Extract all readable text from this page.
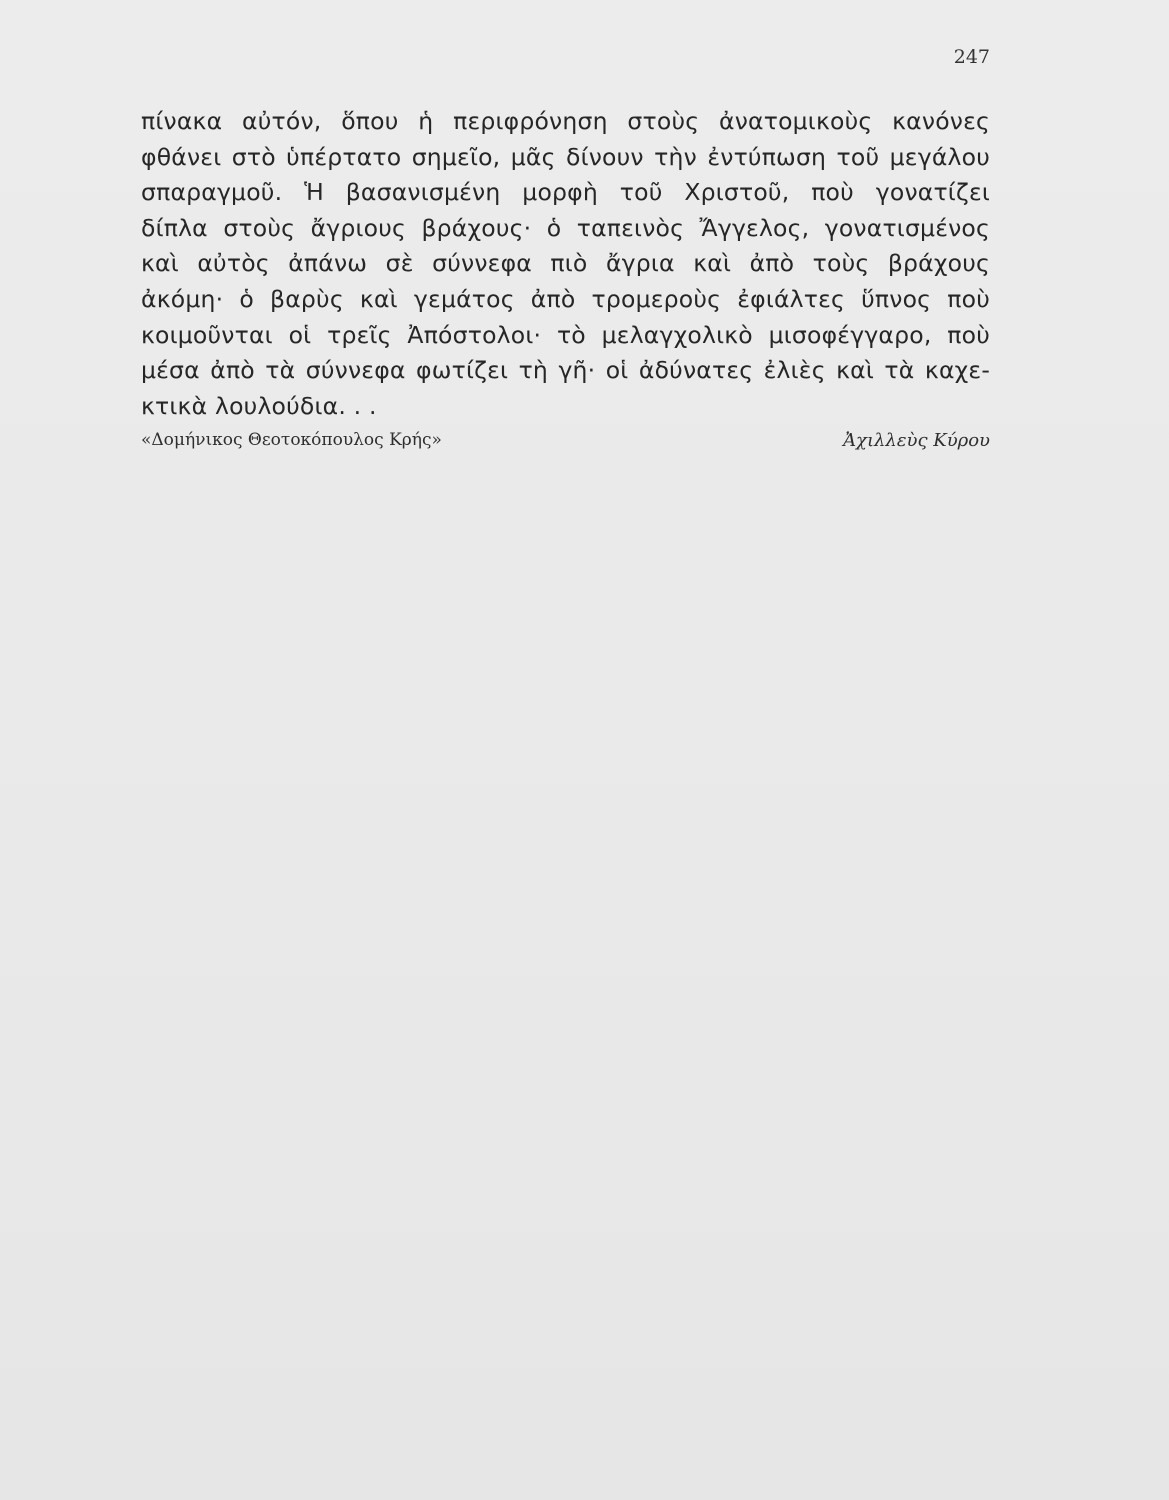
247
πίνακα αὐτόν, ὅπου ἡ περιφρόνηση στοὺς ἀνατομικοὺς κανόνες
φθάνει στὸ ὑπέρτατο σημεῖο, μᾶς δίνουν τὴν ἐντύπωση τοῦ μεγάλου
σπαραγμοῦ. Ἡ βασανισμένη μορφὴ τοῦ Χριστοῦ, ποὺ γονατίζει
δίπλα στοὺς ἄγριους βράχους· ὁ ταπεινὸς Ἄγγελος, γονατισμένος
καὶ αὐτὸς ἀπάνω σὲ σύννεφα πιὸ ἄγρια καὶ ἀπὸ τοὺς βράχους
ἀκόμη· ὁ βαρὺς καὶ γεμάτος ἀπὸ τρομεροὺς ἐφιάλτες ὕπνος ποὺ
κοιμοῦνται οἱ τρεῖς Ἀπόστολοι· τὸ μελαγχολικὸ μισοφέγγαρο, ποὺ
μέσα ἀπὸ τὰ σύννεφα φωτίζει τὴ γῆ· οἱ ἀδύνατες ἐλιὲς καὶ τὰ καχε-
κτικὰ λουλούδια. . .
«Δομήνικος Θεοτοκόπουλος Κρής»	Ἀχιλλεὺς Κύρου
